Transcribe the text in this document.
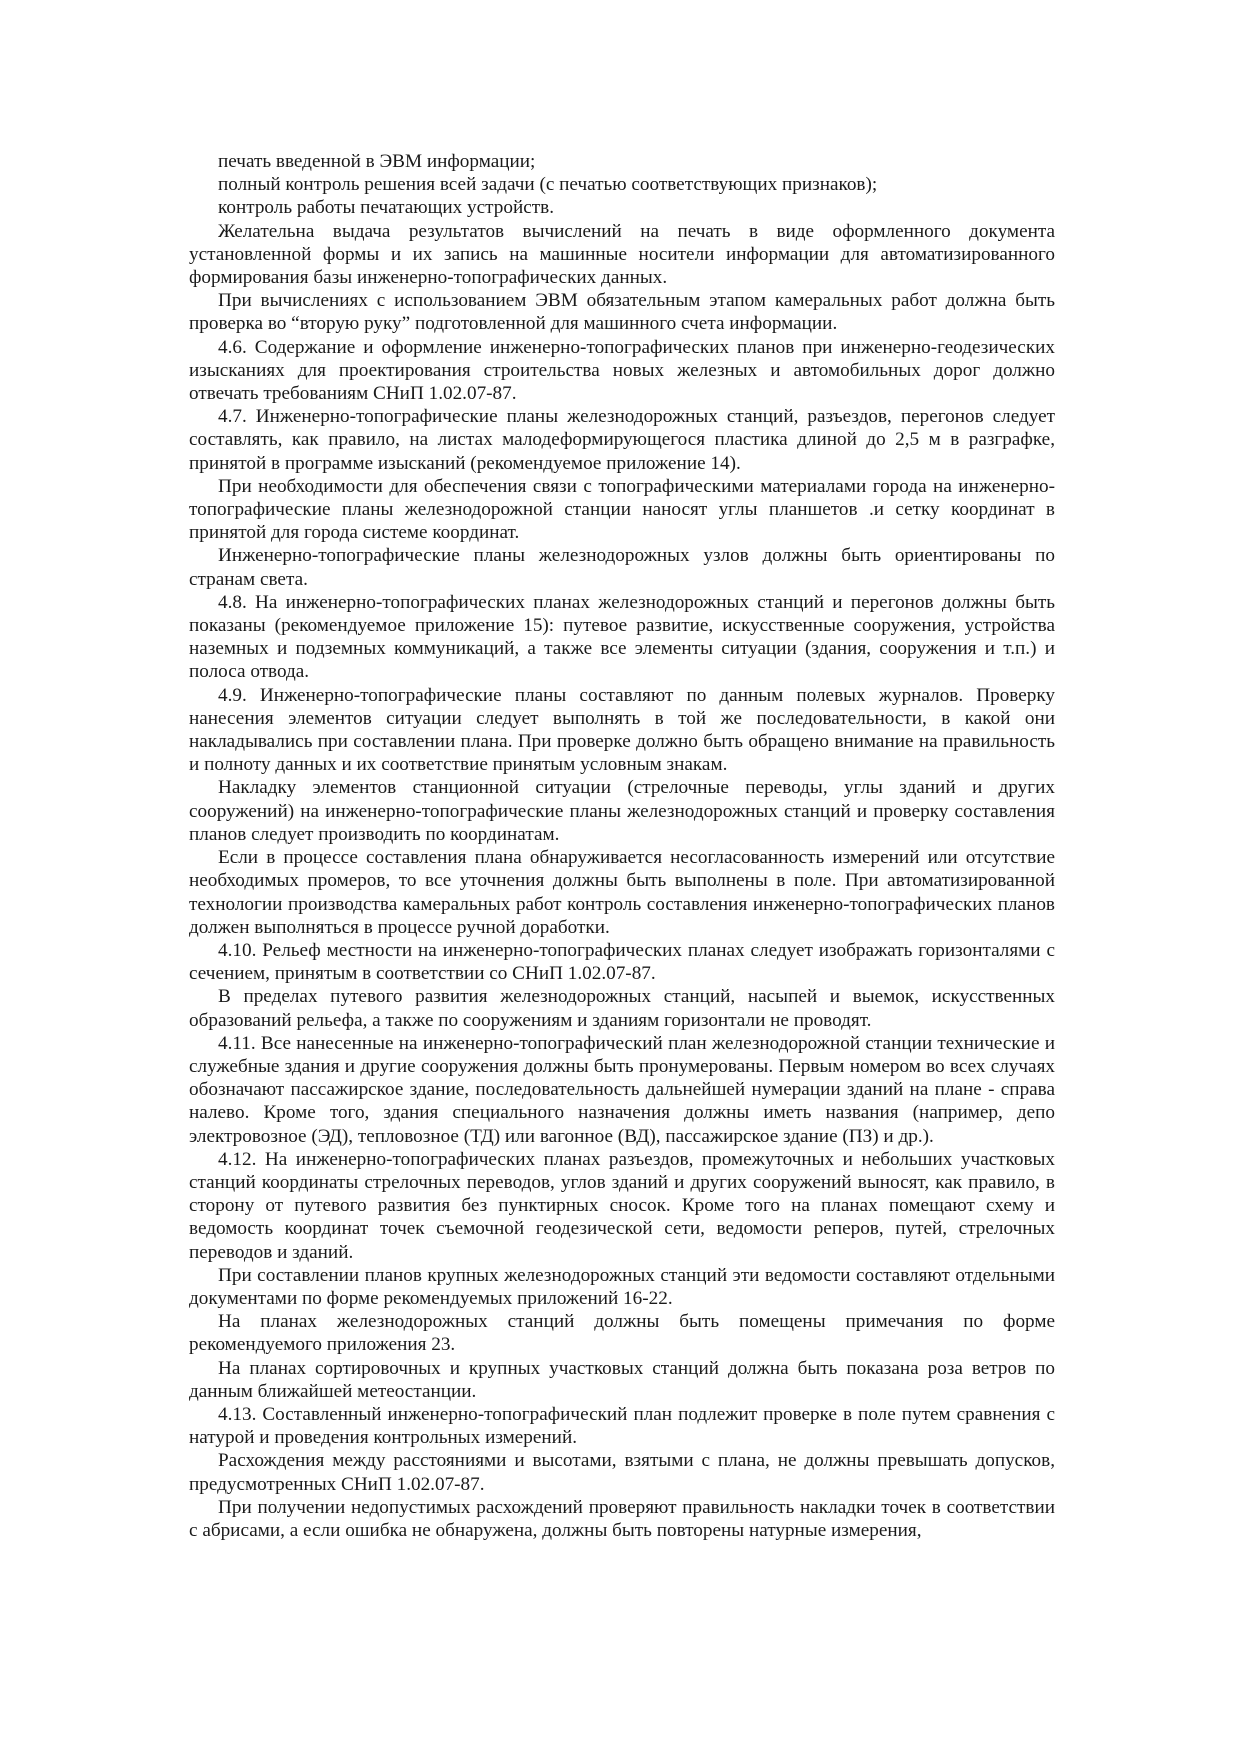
печать введенной в ЭВМ информации;

полный контроль решения всей задачи (с печатью соответствующих признаков);

контроль работы печатающих устройств.

Желательна выдача результатов вычислений на печать в виде оформленного документа установленной формы и их запись на машинные носители информации для автоматизированного формирования базы инженерно-топографических данных.

При вычислениях с использованием ЭВМ обязательным этапом камеральных работ должна быть проверка во “вторую руку” подготовленной для машинного счета информации.

4.6. Содержание и оформление инженерно-топографических планов при инженерно-геодезических изысканиях для проектирования строительства новых железных и автомобильных дорог должно отвечать требованиям СНиП 1.02.07-87.

4.7. Инженерно-топографические планы железнодорожных станций, разъездов, перегонов следует составлять, как правило, на листах малодеформирующегося пластика длиной до 2,5 м в разграфке, принятой в программе изысканий (рекомендуемое приложение 14).

При необходимости для обеспечения связи с топографическими материалами города на инженерно-топографические планы железнодорожной станции наносят углы планшетов .и сетку координат в принятой для города системе координат.

Инженерно-топографические планы железнодорожных узлов должны быть ориентированы по странам света.

4.8. На инженерно-топографических планах железнодорожных станций и перегонов должны быть показаны (рекомендуемое приложение 15): путевое развитие, искусственные сооружения, устройства наземных и подземных коммуникаций, а также все элементы ситуации (здания, сооружения и т.п.) и полоса отвода.

4.9. Инженерно-топографические планы составляют по данным полевых журналов. Проверку нанесения элементов ситуации следует выполнять в той же последовательности, в какой они накладывались при составлении плана. При проверке должно быть обращено внимание на правильность и полноту данных и их соответствие принятым условным знакам.

Накладку элементов станционной ситуации (стрелочные переводы, углы зданий и других сооружений) на инженерно-топографические планы железнодорожных станций и проверку составления планов следует производить по координатам.

Если в процессе составления плана обнаруживается несогласованность измерений или отсутствие необходимых промеров, то все уточнения должны быть выполнены в поле. При автоматизированной технологии производства камеральных работ контроль составления инженерно-топографических планов должен выполняться в процессе ручной доработки.

4.10. Рельеф местности на инженерно-топографических планах следует изображать горизонталями с сечением, принятым в соответствии со СНиП 1.02.07-87.

В пределах путевого развития железнодорожных станций, насыпей и выемок, искусственных образований рельефа, а также по сооружениям и зданиям горизонтали не проводят.

4.11. Все нанесенные на инженерно-топографический план железнодорожной станции технические и служебные здания и другие сооружения должны быть пронумерованы. Первым номером во всех случаях обозначают пассажирское здание, последовательность дальнейшей нумерации зданий на плане - справа налево. Кроме того, здания специального назначения должны иметь названия (например, депо электровозное (ЭД), тепловозное (ТД) или вагонное (ВД), пассажирское здание (ПЗ) и др.).

4.12. На инженерно-топографических планах разъездов, промежуточных и небольших участковых станций координаты стрелочных переводов, углов зданий и других сооружений выносят, как правило, в сторону от путевого развития без пунктирных сносок. Кроме того на планах помещают схему и ведомость координат точек съемочной геодезической сети, ведомости реперов, путей, стрелочных переводов и зданий.

При составлении планов крупных железнодорожных станций эти ведомости составляют отдельными документами по форме рекомендуемых приложений 16-22.

На планах железнодорожных станций должны быть помещены примечания по форме рекомендуемого приложения 23.

На планах сортировочных и крупных участковых станций должна быть показана роза ветров по данным ближайшей метеостанции.

4.13. Составленный инженерно-топографический план подлежит проверке в поле путем сравнения с натурой и проведения контрольных измерений.

Расхождения между расстояниями и высотами, взятыми с плана, не должны превышать допусков, предусмотренных СНиП 1.02.07-87.

При получении недопустимых расхождений проверяют правильность накладки точек в соответствии с абрисами, а если ошибка не обнаружена, должны быть повторены натурные измерения,
